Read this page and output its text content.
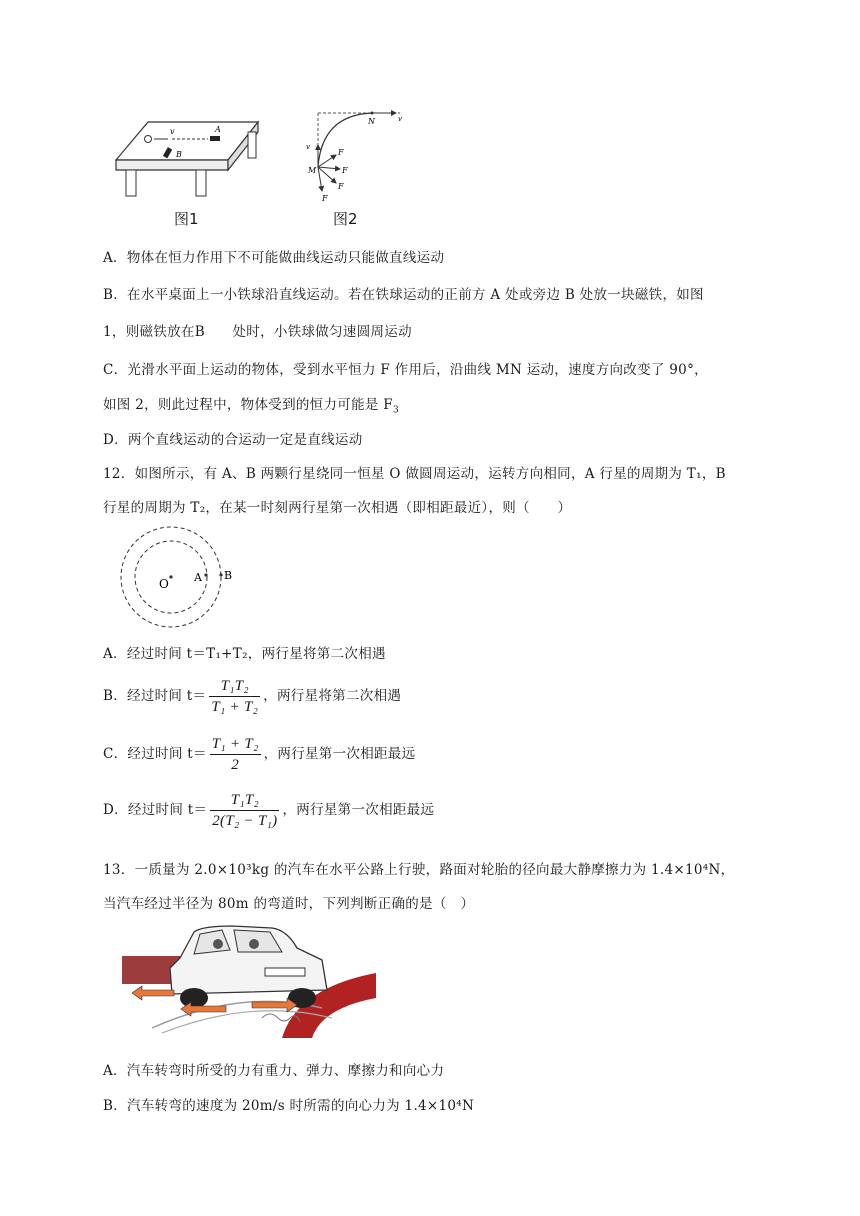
v	A
B
图1
N	v
v
M
F
F
F
F
图2
A．物体在恒力作用下不可能做曲线运动只能做直线运动
B．在水平桌面上一小铁球沿直线运动。若在铁球运动的正前方 A 处或旁边 B 处放一块磁铁，如图
1，则磁铁放在B　　处时，小铁球做匀速圆周运动
C．光滑水平面上运动的物体，受到水平恒力 F 作用后，沿曲线 MN 运动，速度方向改变了 90°，
如图 2，则此过程中，物体受到的恒力可能是 $F_3$
D．两个直线运动的合运动一定是直线运动
12．如图所示，有 A、B 两颗行星绕同一恒星 O 做圆周运动，运转方向相同，A 行星的周期为 T₁，B
行星的周期为 T₂，在某一时刻两行星第一次相遇（即相距最近），则（　　）
O A B
A．经过时间 t＝T₁+T₂，两行星将第二次相遇
B．经过时间 $t= \frac{\text{T₁T₂}}{\text{T₁ + T₂}}$ ，两行星将第二次相遇
C．经过时间 $t= \frac{\text{T₁ + T₂}}{2}$ ，两行星第一次相距最远
D．经过时间 $t= \frac{\text{T₁T₂}}{\text{2(T₂ − T₁)}}$ ，两行星第一次相距最远
13．一质量为 2.0×10³kg 的汽车在水平公路上行驶，路面对轮胎的径向最大静摩擦力为 1.4×10⁴N，
当汽车经过半径为 80m 的弯道时，下列判断正确的是（　）
A．汽车转弯时所受的力有重力、弹力、摩擦力和向心力
B．汽车转弯的速度为 20m/s 时所需的向心力为 1.4×10⁴N
